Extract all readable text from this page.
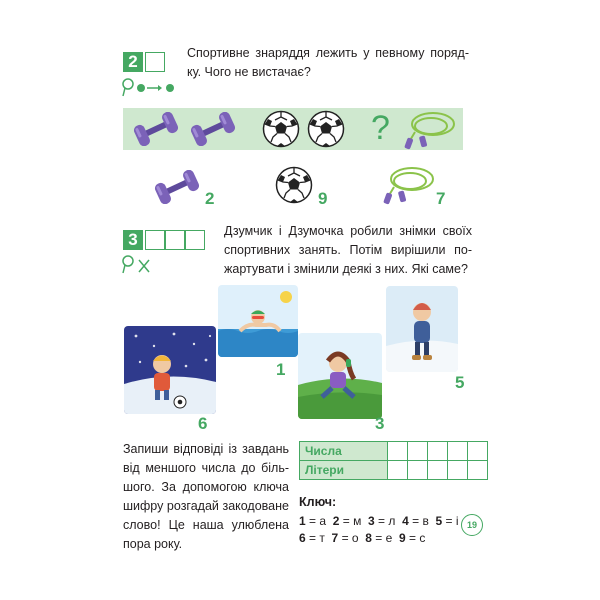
2	Спортивне знаряддя лежить у певному поряд-ку. Чого не вистачає?
?
2	9	7
3	Дзумчик і Дзумочка робили знімки своїх спортивних занять. Потім вирішили по-жартувати і змінили деякі з них. Які саме?
1
5
6	3
Запиши відповіді із завдань від меншого числа до біль-шого. За допомогою ключа шифру розгадай закодоване слово! Це наша улюблена пора року.
Числа					
Літери					
Ключ:
1 = а 2 = м 3 = л 4 = в 5 = і
6 = т 7 = о 8 = е 9 = с
19
